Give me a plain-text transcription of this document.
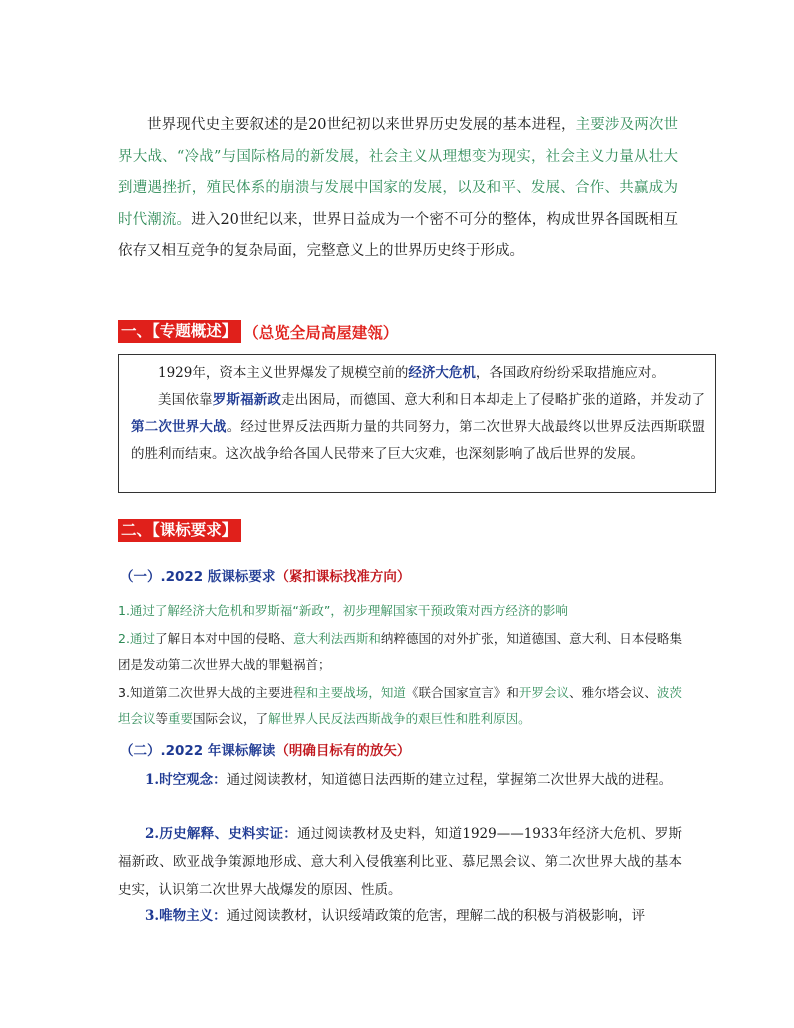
世界现代史主要叙述的是20世纪初以来世界历史发展的基本进程，主要涉及两次世界大战、“冷战”与国际格局的新发展，社会主义从理想变为现实，社会主义力量从壮大到遭遇挫折，殖民体系的崩溃与发展中国家的发展，以及和平、发展、合作、共赢成为时代潮流。进入20世纪以来，世界日益成为一个密不可分的整体，构成世界各国既相互依存又相互竞争的复杂局面，完整意义上的世界历史终于形成。
一、【专题概述】 （总览全局高屋建瓴）

1929年，资本主义世界爆发了规模空前的经济大危机，各国政府纷纷采取措施应对。

美国依靠罗斯福新政走出困局，而德国、意大利和日本却走上了侵略扩张的道路，并发动了第二次世界大战。经过世界反法西斯力量的共同努力，第二次世界大战最终以世界反法西斯联盟的胜利而结束。这次战争给各国人民带来了巨大灾难，也深刻影响了战后世界的发展。

二、【课标要求】
（一）.2022 版课标要求（紧扣课标找准方向）
1.通过了解经济大危机和罗斯福“新政”，初步理解国家干预政策对西方经济的影响
2.通过了解日本对中国的侵略、意大利法西斯和纳粹德国的对外扩张，知道德国、意大利、日本侵略集团是发动第二次世界大战的罪魁祸首；
3.知道第二次世界大战的主要进程和主要战场，知道《联合国家宣言》和开罗会议、雅尔塔会议、波茨坦会议等重要国际会议，了解世界人民反法西斯战争的艰巨性和胜利原因。
（二）.2022 年课标解读（明确目标有的放矢）
1.时空观念：通过阅读教材，知道德日法西斯的建立过程，掌握第二次世界大战的进程。
2.历史解释、史料实证：通过阅读教材及史料，知道1929——1933年经济大危机、罗斯福新政、欧亚战争策源地形成、意大利入侵俄塞利比亚、慕尼黑会议、第二次世界大战的基本史实，认识第二次世界大战爆发的原因、性质。
3.唯物主义：通过阅读教材，认识绥靖政策的危害，理解二战的积极与消极影响，评
